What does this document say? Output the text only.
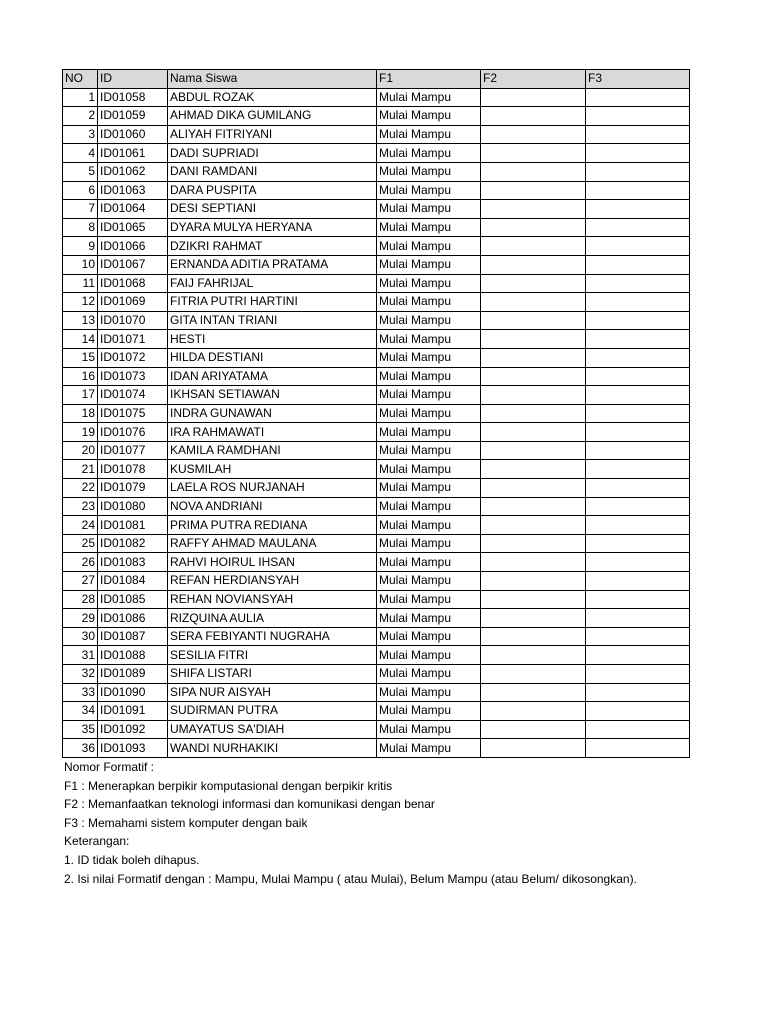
NO	ID	Nama Siswa	F1	F2	F3
1	ID01058	ABDUL ROZAK	Mulai Mampu		
2	ID01059	AHMAD DIKA GUMILANG	Mulai Mampu		
3	ID01060	ALIYAH FITRIYANI	Mulai Mampu		
4	ID01061	DADI SUPRIADI	Mulai Mampu		
5	ID01062	DANI RAMDANI	Mulai Mampu		
6	ID01063	DARA PUSPITA	Mulai Mampu		
7	ID01064	DESI SEPTIANI	Mulai Mampu		
8	ID01065	DYARA MULYA HERYANA	Mulai Mampu		
9	ID01066	DZIKRI RAHMAT	Mulai Mampu		
10	ID01067	ERNANDA ADITIA PRATAMA	Mulai Mampu		
11	ID01068	FAIJ FAHRIJAL	Mulai Mampu		
12	ID01069	FITRIA PUTRI HARTINI	Mulai Mampu		
13	ID01070	GITA INTAN TRIANI	Mulai Mampu		
14	ID01071	HESTI	Mulai Mampu		
15	ID01072	HILDA DESTIANI	Mulai Mampu		
16	ID01073	IDAN ARIYATAMA	Mulai Mampu		
17	ID01074	IKHSAN SETIAWAN	Mulai Mampu		
18	ID01075	INDRA GUNAWAN	Mulai Mampu		
19	ID01076	IRA RAHMAWATI	Mulai Mampu		
20	ID01077	KAMILA RAMDHANI	Mulai Mampu		
21	ID01078	KUSMILAH	Mulai Mampu		
22	ID01079	LAELA ROS NURJANAH	Mulai Mampu		
23	ID01080	NOVA ANDRIANI	Mulai Mampu		
24	ID01081	PRIMA PUTRA REDIANA	Mulai Mampu		
25	ID01082	RAFFY AHMAD MAULANA	Mulai Mampu		
26	ID01083	RAHVI HOIRUL IHSAN	Mulai Mampu		
27	ID01084	REFAN HERDIANSYAH	Mulai Mampu		
28	ID01085	REHAN NOVIANSYAH	Mulai Mampu		
29	ID01086	RIZQUINA AULIA	Mulai Mampu		
30	ID01087	SERA FEBIYANTI NUGRAHA	Mulai Mampu		
31	ID01088	SESILIA FITRI	Mulai Mampu		
32	ID01089	SHIFA LISTARI	Mulai Mampu		
33	ID01090	SIPA NUR AISYAH	Mulai Mampu		
34	ID01091	SUDIRMAN PUTRA	Mulai Mampu		
35	ID01092	UMAYATUS SA'DIAH	Mulai Mampu		
36	ID01093	WANDI NURHAKIKI	Mulai Mampu		
Nomor Formatif :
F1 : Menerapkan berpikir komputasional dengan berpikir kritis
F2 : Memanfaatkan teknologi informasi dan komunikasi dengan benar
F3 : Memahami sistem komputer dengan baik
Keterangan:
1. ID tidak boleh dihapus.
2. Isi nilai Formatif dengan : Mampu, Mulai Mampu ( atau Mulai), Belum Mampu (atau Belum/ dikosongkan).
